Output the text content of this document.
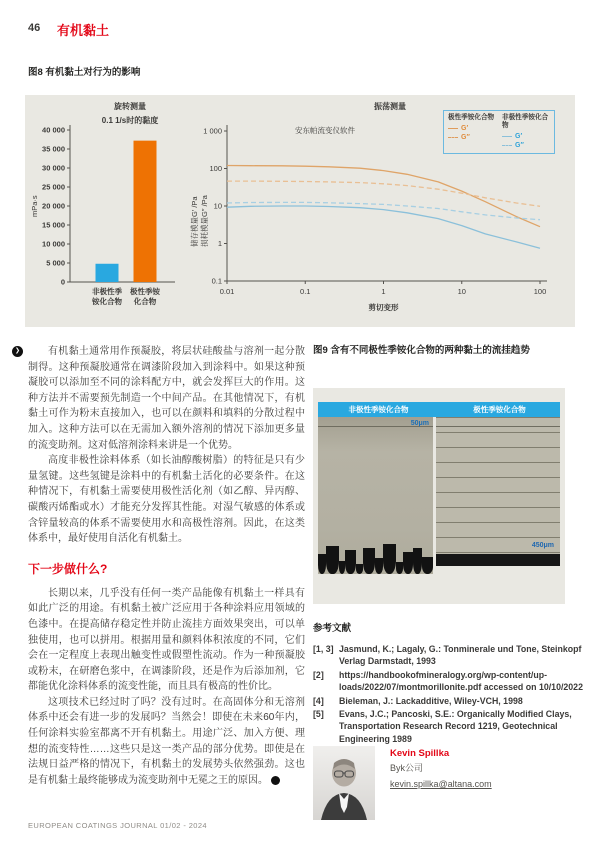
46 有机黏土
图8 有机黏土对行为的影响
0
5 000
10 000
15 000
20 000
25 000
30 000
35 000
40 000
mPa·s
非极性季铵化合物
极性季铵化合物
0.1
1
10
100
1 000
0.01	0.1	1	10	100
储存模量G′ /Pa损耗模量G″ /Pa
剪切变形
旋转测量	振荡测量
0.1 1/s时的黏度
安东帕流变仪软件
极性季铵化合物
G′
G″
非极性季铵化合物
G′
G″
❯	有机黏土通常用作预凝胶，将层状硅酸盐与溶剂一起分散制得。这种预凝胶通常在调漆阶段加入到涂料中。如果这种预凝胶可以添加至不同的涂料配方中，就会发挥巨大的作用。这种方法并不需要预先制造一个中间产品。在其他情况下，有机黏土可作为粉末直接加入，也可以在颜料和填料的分散过程中加入。这种方法可以在无需加入额外溶剂的情况下添加更多量的流变助剂。这对低溶剂涂料来讲是一个优势。

高度非极性涂料体系（如长油醇酸树脂）的特征是只有少量氢键。这些氢键是涂料中的有机黏土活化的必要条件。在这种情况下，有机黏土需要使用极性活化剂（如乙醇、异丙醇、碳酸丙烯酯或水）才能充分发挥其性能。对湿气敏感的体系或含锌量较高的体系不需要使用水和高极性溶剂。因此，在这类体系中，最好使用自活化有机黏土。

下一步做什么?

长期以来，几乎没有任何一类产品能像有机黏土一样具有如此广泛的用途。有机黏土被广泛应用于各种涂料应用领域的色漆中。在提高储存稳定性并防止流挂方面效果突出，可以单独使用，也可以拼用。根据用量和颜料体积浓度的不同，它们会在一定程度上表现出触变性或假塑性流动。作为一种预凝胶或粉末，在研磨色浆中，在调漆阶段，还是作为后添加剂，它都能优化涂料体系的流变性能，而且具有极高的性价比。

这项技术已经过时了吗？没有过时。在高固体分和无溶剂体系中还会有进一步的发展吗？当然会！即使在未来60年内，任何涂料实验室都离不开有机黏土。用途广泛、加入方便、理想的流变特性……这些只是这一类产品的部分优势。即使是在法规日益严格的情况下，有机黏土的发展势头依然强劲。这也是有机黏土最终能够成为流变助剂中无冕之王的原因。	◀

图9 含有不同极性季铵化合物的两种黏土的流挂趋势
非极性季铵化合物	极性季铵化合物
50μm
450μm
参考文献
[1, 3] Jasmund, K.; Lagaly, G.: Tonminerale und Tone, Steinkopf Verlag Darmstadt, 1993
[2]	https://handbookofmineralogy.org/wp-content/up-loads/2022/07/montmorillonite.pdf accessed on 10/10/2022
[4]	Bieleman, J.: Lackadditive, Wiley-VCH, 1998
[5]	Evans, J.C.; Pancoski, S.E.: Organically Modified Clays, Transportation Research Record 1219, Geotechnical Engineering 1989
Kevin Spillka
Byk公司
kevin.spillka@altana.com
EUROPEAN COATINGS JOURNAL 01/02 - 2024
